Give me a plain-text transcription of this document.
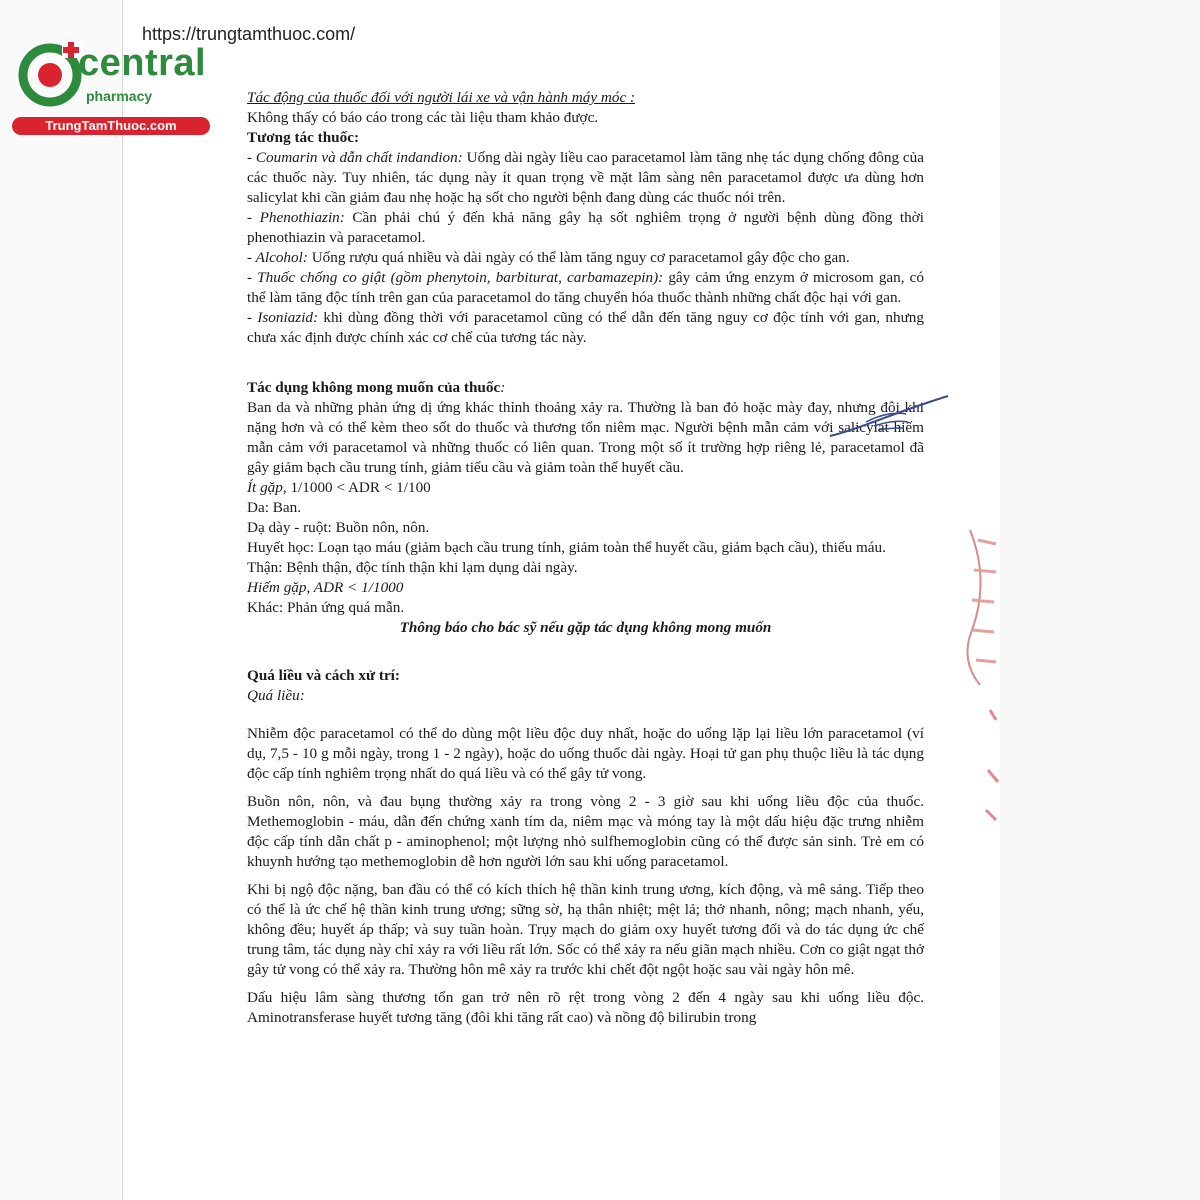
https://trungtamthuoc.com/
central
pharmacy
TrungTamThuoc.com

Tác động của thuốc đối với người lái xe và vận hành máy móc :

Không thấy có báo cáo trong các tài liệu tham khảo được.

Tương tác thuốc:

- Coumarin và dẫn chất indandion: Uống dài ngày liều cao paracetamol làm tăng nhẹ tác dụng chống đông của các thuốc này. Tuy nhiên, tác dụng này ít quan trọng về mặt lâm sàng nên paracetamol được ưa dùng hơn salicylat khi cần giảm đau nhẹ hoặc hạ sốt cho người bệnh đang dùng các thuốc nói trên.

- Phenothiazin: Cần phải chú ý đến khả năng gây hạ sốt nghiêm trọng ở người bệnh dùng đồng thời phenothiazin và paracetamol.

- Alcohol: Uống rượu quá nhiều và dài ngày có thể làm tăng nguy cơ paracetamol gây độc cho gan.

- Thuốc chống co giật (gồm phenytoin, barbiturat, carbamazepin): gây cảm ứng enzym ở microsom gan, có thể làm tăng độc tính trên gan của paracetamol do tăng chuyển hóa thuốc thành những chất độc hại với gan.

- Isoniazid: khi dùng đồng thời với paracetamol cũng có thể dẫn đến tăng nguy cơ độc tính với gan, nhưng chưa xác định được chính xác cơ chế của tương tác này.

Tác dụng không mong muốn của thuốc:

Ban da và những phản ứng dị ứng khác thỉnh thoảng xảy ra. Thường là ban đỏ hoặc mày đay, nhưng đôi khi nặng hơn và có thể kèm theo sốt do thuốc và thương tổn niêm mạc. Người bệnh mẫn cảm với salicylat hiếm mẫn cảm với paracetamol và những thuốc có liên quan. Trong một số ít trường hợp riêng lẻ, paracetamol đã gây giảm bạch cầu trung tính, giảm tiểu cầu và giảm toàn thể huyết cầu.

Ít gặp, 1/1000 < ADR < 1/100

Da: Ban.

Dạ dày - ruột: Buồn nôn, nôn.

Huyết học: Loạn tạo máu (giảm bạch cầu trung tính, giảm toàn thể huyết cầu, giảm bạch cầu), thiếu máu.

Thận: Bệnh thận, độc tính thận khi lạm dụng dài ngày.

Hiếm gặp, ADR < 1/1000

Khác: Phản ứng quá mẫn.

Thông báo cho bác sỹ nếu gặp tác dụng không mong muốn

Quá liều và cách xử trí:

Quá liều:

Nhiễm độc paracetamol có thể do dùng một liều độc duy nhất, hoặc do uống lặp lại liều lớn paracetamol (ví dụ, 7,5 - 10 g mỗi ngày, trong 1 - 2 ngày), hoặc do uống thuốc dài ngày. Hoại tử gan phụ thuộc liều là tác dụng độc cấp tính nghiêm trọng nhất do quá liều và có thể gây tử vong.

Buồn nôn, nôn, và đau bụng thường xảy ra trong vòng 2 - 3 giờ sau khi uống liều độc của thuốc. Methemoglobin - máu, dẫn đến chứng xanh tím da, niêm mạc và móng tay là một dấu hiệu đặc trưng nhiễm độc cấp tính dẫn chất p - aminophenol; một lượng nhỏ sulfhemoglobin cũng có thể được sản sinh. Trẻ em có khuynh hướng tạo methemoglobin dễ hơn người lớn sau khi uống paracetamol.

Khi bị ngộ độc nặng, ban đầu có thể có kích thích hệ thần kinh trung ương, kích động, và mê sảng. Tiếp theo có thể là ức chế hệ thần kinh trung ương; sững sờ, hạ thân nhiệt; mệt lả; thở nhanh, nông; mạch nhanh, yếu, không đều; huyết áp thấp; và suy tuần hoàn. Trụy mạch do giảm oxy huyết tương đối và do tác dụng ức chế trung tâm, tác dụng này chỉ xảy ra với liều rất lớn. Sốc có thể xảy ra nếu giãn mạch nhiều. Cơn co giật ngạt thở gây tử vong có thể xảy ra. Thường hôn mê xảy ra trước khi chết đột ngột hoặc sau vài ngày hôn mê.

Dấu hiệu lâm sàng thương tổn gan trở nên rõ rệt trong vòng 2 đến 4 ngày sau khi uống liều độc. Aminotransferase huyết tương tăng (đôi khi tăng rất cao) và nồng độ bilirubin trong
